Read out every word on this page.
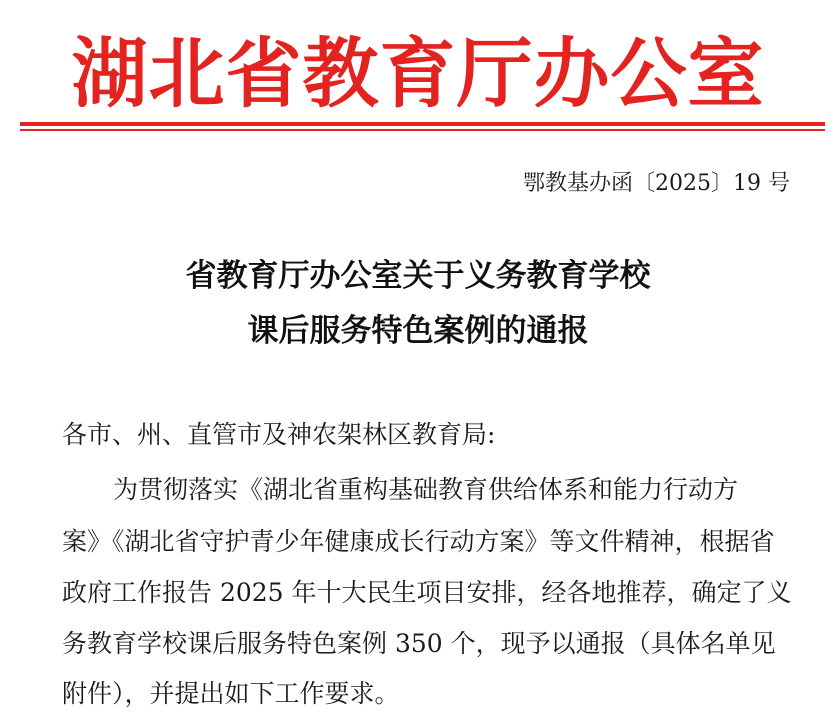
湖北省教育厅办公室
鄂教基办函〔2025〕19 号
省教育厅办公室关于义务教育学校
课后服务特色案例的通报
各市、州、直管市及神农架林区教育局:
为贯彻落实《湖北省重构基础教育供给体系和能力行动方
案》《湖北省守护青少年健康成长行动方案》等文件精神，根据省
政府工作报告 2025 年十大民生项目安排，经各地推荐，确定了义
务教育学校课后服务特色案例 350 个，现予以通报（具体名单见
附件），并提出如下工作要求。
